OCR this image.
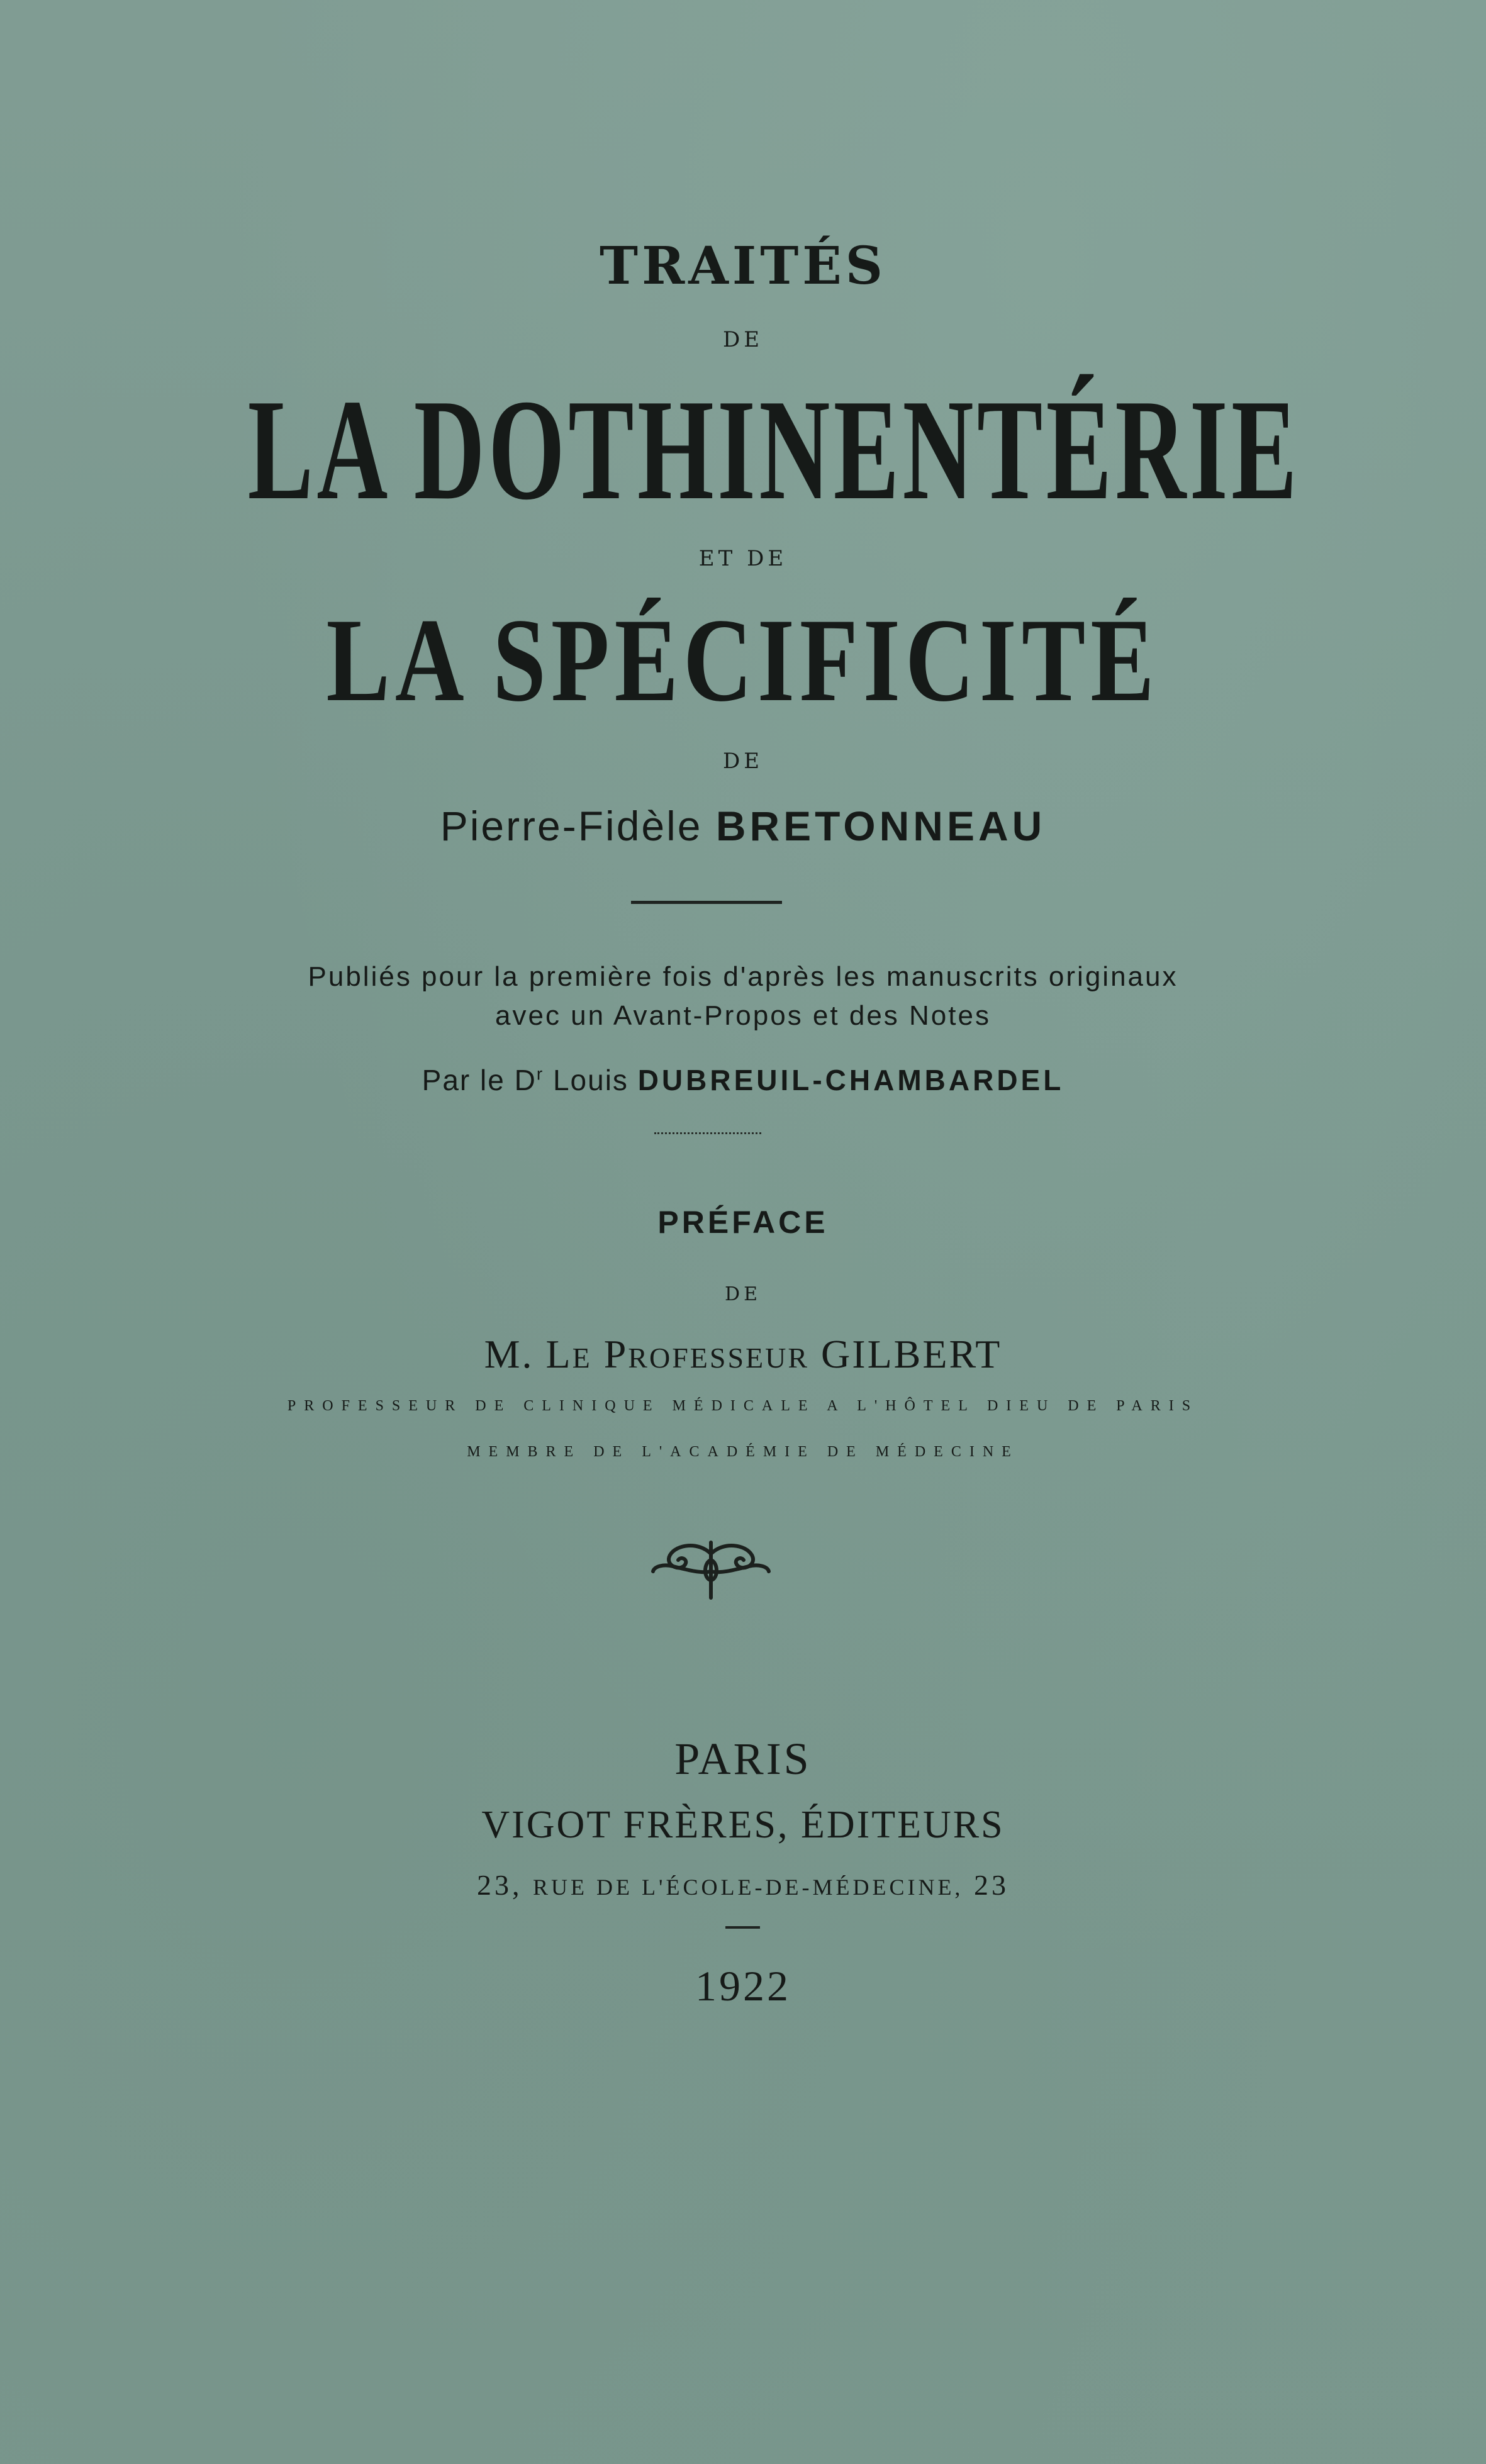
TRAITÉS

DE

LA DOTHINENTÉRIE

ET DE

LA SPÉCIFICITÉ

DE

Pierre-Fidèle BRETONNEAU

Publiés pour la première fois d'après les manuscrits originaux

avec un Avant-Propos et des Notes

Par le $D^r$ Louis DUBREUIL-CHAMBARDEL

PRÉFACE

DE

M. LE PROFESSEUR GILBERT

PROFESSEUR DE CLINIQUE MÉDICALE A L'HÔTEL DIEU DE PARIS

MEMBRE DE L'ACADÉMIE DE MÉDECINE

PARIS

VIGOT FRÈRES, ÉDITEURS

23, RUE DE L'ÉCOLE-DE-MÉDECINE, 23

1922
